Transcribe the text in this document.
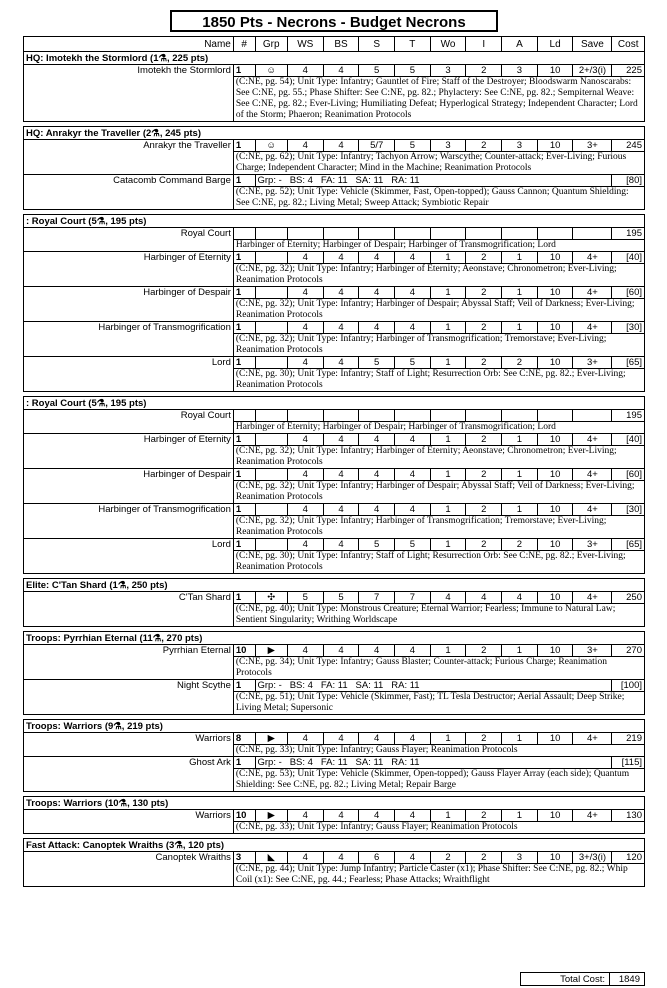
1850 Pts - Necrons - Budget Necrons
Name	#	Grp	WS	BS	S	T	Wo	I	A	Ld	Save	Cost
HQ: Imotekh the Stormlord (1⚗, 225 pts)												
Imotekh the Stormlord	1	☺	4	4	5	5	3	2	3	10	2+/3(i)	225
	(C:NE, pg. 54); Unit Type: Infantry; Gauntlet of Fire; Staff of the Destroyer; Bloodswarm Nanoscarabs: See C:NE, pg. 55.; Phase Shifter: See C:NE, pg. 82.; Phylactery: See C:NE, pg. 82.; Sempiternal Weave: See C:NE, pg. 82.; Ever-Living; Humiliating Defeat; Hyperlogical Strategy; Independent Character; Lord of the Storm; Phaeron; Reanimation Protocols											

HQ: Anrakyr the Traveller (2⚗, 245 pts)												
Anrakyr the Traveller	1	☺	4	4	5/7	5	3	2	3	10	3+	245
	(C:NE, pg. 62); Unit Type: Infantry; Tachyon Arrow; Warscythe; Counter-attack; Ever-Living; Furious Charge; Independent Character; Mind in the Machine; Reanimation Protocols											
Catacomb Command Barge	1	Grp: -   BS: 4   FA: 11   SA: 11   RA: 11										[80]
	(C:NE, pg. 52); Unit Type: Vehicle (Skimmer, Fast, Open-topped); Gauss Cannon; Quantum Shielding: See C:NE, pg. 82.; Living Metal; Sweep Attack; Symbiotic Repair											

: Royal Court (5⚗, 195 pts)												
Royal Court												195
	Harbinger of Eternity; Harbinger of Despair; Harbinger of Transmogrification; Lord											
Harbinger of Eternity	1		4	4	4	4	1	2	1	10	4+	[40]
	(C:NE, pg. 32); Unit Type: Infantry; Harbinger of Eternity; Aeonstave; Chronometron; Ever-Living; Reanimation Protocols											
Harbinger of Despair	1		4	4	4	4	1	2	1	10	4+	[60]
	(C:NE, pg. 32); Unit Type: Infantry; Harbinger of Despair; Abyssal Staff; Veil of Darkness; Ever-Living; Reanimation Protocols											
Harbinger of Transmogrification	1		4	4	4	4	1	2	1	10	4+	[30]
	(C:NE, pg. 32); Unit Type: Infantry; Harbinger of Transmogrification; Tremorstave; Ever-Living; Reanimation Protocols											
Lord	1		4	4	5	5	1	2	2	10	3+	[65]
	(C:NE, pg. 30); Unit Type: Infantry; Staff of Light; Resurrection Orb: See C:NE, pg. 82.; Ever-Living; Reanimation Protocols											

: Royal Court (5⚗, 195 pts)												
Royal Court												195
	Harbinger of Eternity; Harbinger of Despair; Harbinger of Transmogrification; Lord											
Harbinger of Eternity	1		4	4	4	4	1	2	1	10	4+	[40]
	(C:NE, pg. 32); Unit Type: Infantry; Harbinger of Eternity; Aeonstave; Chronometron; Ever-Living; Reanimation Protocols											
Harbinger of Despair	1		4	4	4	4	1	2	1	10	4+	[60]
	(C:NE, pg. 32); Unit Type: Infantry; Harbinger of Despair; Abyssal Staff; Veil of Darkness; Ever-Living; Reanimation Protocols											
Harbinger of Transmogrification	1		4	4	4	4	1	2	1	10	4+	[30]
	(C:NE, pg. 32); Unit Type: Infantry; Harbinger of Transmogrification; Tremorstave; Ever-Living; Reanimation Protocols											
Lord	1		4	4	5	5	1	2	2	10	3+	[65]
	(C:NE, pg. 30); Unit Type: Infantry; Staff of Light; Resurrection Orb: See C:NE, pg. 82.; Ever-Living; Reanimation Protocols											

Elite: C'Tan Shard (1⚗, 250 pts)												
C'Tan Shard	1	✣	5	5	7	7	4	4	4	10	4+	250
	(C:NE, pg. 40); Unit Type: Monstrous Creature; Eternal Warrior; Fearless; Immune to Natural Law; Sentient Singularity; Writhing Worldscape											

Troops: Pyrrhian Eternal (11⚗, 270 pts)												
Pyrrhian Eternal	10	▶	4	4	4	4	1	2	1	10	3+	270
	(C:NE, pg. 34); Unit Type: Infantry; Gauss Blaster; Counter-attack; Furious Charge; Reanimation Protocols											
Night Scythe	1	Grp: -   BS: 4   FA: 11   SA: 11   RA: 11										[100]
	(C:NE, pg. 51); Unit Type: Vehicle (Skimmer, Fast); TL Tesla Destructor; Aerial Assault; Deep Strike; Living Metal; Supersonic											

Troops: Warriors (9⚗, 219 pts)												
Warriors	8	▶	4	4	4	4	1	2	1	10	4+	219
	(C:NE, pg. 33); Unit Type: Infantry; Gauss Flayer; Reanimation Protocols											
Ghost Ark	1	Grp: -   BS: 4   FA: 11   SA: 11   RA: 11										[115]
	(C:NE, pg. 53); Unit Type: Vehicle (Skimmer, Open-topped); Gauss Flayer Array (each side); Quantum Shielding: See C:NE, pg. 82.; Living Metal; Repair Barge											

Troops: Warriors (10⚗, 130 pts)												
Warriors	10	▶	4	4	4	4	1	2	1	10	4+	130
	(C:NE, pg. 33); Unit Type: Infantry; Gauss Flayer; Reanimation Protocols											

Fast Attack: Canoptek Wraiths (3⚗, 120 pts)												
Canoptek Wraiths	3	◣	4	4	6	4	2	2	3	10	3+/3(i)	120
	(C:NE, pg. 44); Unit Type: Jump Infantry; Particle Caster (x1); Phase Shifter: See C:NE, pg. 82.; Whip Coil (x1): See C:NE, pg. 44.; Fearless; Phase Attacks; Wraithflight											
Total Cost:	1849
